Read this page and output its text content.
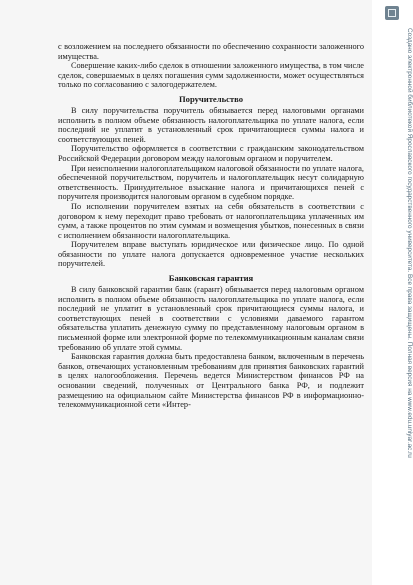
с возложением на последнего обязанности по обеспечению сохранности заложенного имущества.

Совершение каких-либо сделок в отношении заложенного имущества, в том числе сделок, совершаемых в целях погашения сумм задолженности, может осуществляться только по согласованию с залогодержателем.

Поручительство

В силу поручительства поручитель обязывается перед налоговыми органами исполнить в полном объеме обязанность налогоплательщика по уплате налога, если последний не уплатит в установленный срок причитающиеся суммы налога и соответствующих пеней.

Поручительство оформляется в соответствии с гражданским законодательством Российской Федерации договором между налоговым органом и поручителем.

При неисполнении налогоплательщиком налоговой обязанности по уплате налога, обеспеченной поручительством, поручитель и налогоплательщик несут солидарную ответственность. Принудительное взыскание налога и причитающихся пеней с поручителя производится налоговым органом в судебном порядке.

По исполнении поручителем взятых на себя обязательств в соответствии с договором к нему переходит право требовать от налогоплательщика уплаченных им сумм, а также процентов по этим суммам и возмещения убытков, понесенных в связи с исполнением обязанности налогоплательщика.

Поручителем вправе выступать юридическое или физическое лицо. По одной обязанности по уплате налога допускается одновременное участие нескольких поручителей.

Банковская гарантия

В силу банковской гарантии банк (гарант) обязывается перед налоговым органом исполнить в полном объеме обязанность налогоплательщика по уплате налога, если последний не уплатит в установленный срок причитающиеся суммы налога, и соответствующих пеней в соответствии с условиями даваемого гарантом обязательства уплатить денежную сумму по представленному налоговым органом в письменной форме или электронной форме по телекоммуникационным каналам связи требованию об уплате этой суммы.

Банковская гарантия должна быть предоставлена банком, включенным в перечень банков, отвечающих установленным требованиям для принятия банковских гарантий в целях налогообложения. Перечень ведется Министерством финансов РФ на основании сведений, полученных от Центрального банка РФ, и подлежит размещению на официальном сайте Министерства финансов РФ в информационно-телекоммуникационной сети «Интер-	Создано электронной библиотекой Ярославского государственного университета. Все права защищены. Полная версия на www.edu.uniyar.ac.ru
